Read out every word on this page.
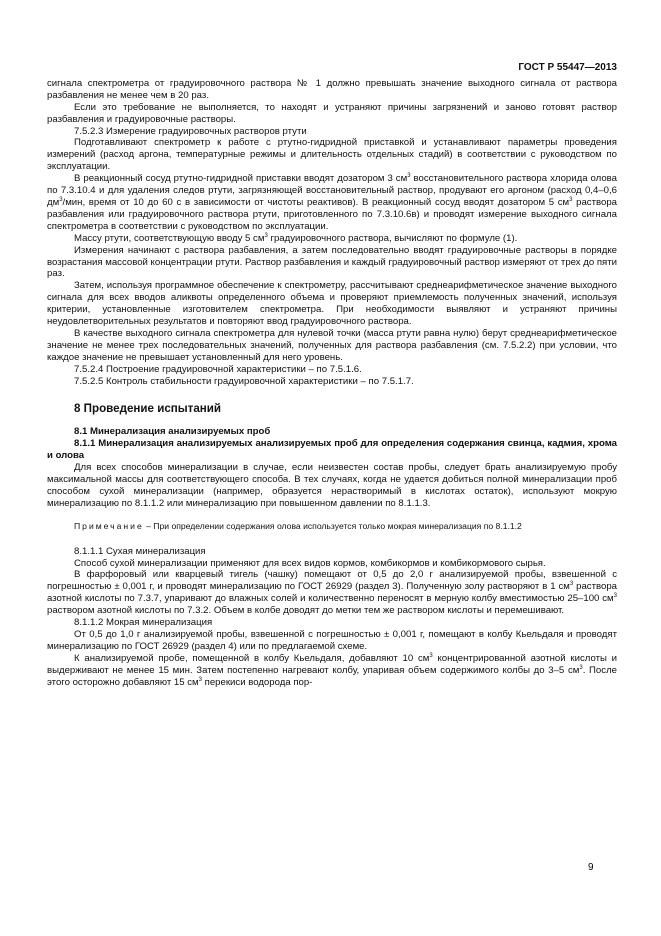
ГОСТ Р 55447—2013

сигнала спектрометра от градуировочного раствора № 1 должно превышать значение выходного сигнала от раствора разбавления не менее чем в 20 раз.

Если это требование не выполняется, то находят и устраняют причины загрязнений и заново готовят раствор разбавления и градуировочные растворы.

7.5.2.3 Измерение градуировочных растворов ртути

Подготавливают спектрометр к работе с ртутно-гидридной приставкой и устанавливают параметры проведения измерений (расход аргона, температурные режимы и длительность отдельных стадий) в соответствии с руководством по эксплуатации.

В реакционный сосуд ртутно-гидридной приставки вводят дозатором 3 $см^3$ восстановительного раствора хлорида олова по 7.3.10.4 и для удаления следов ртути, загрязняющей восстановительный раствор, продувают его аргоном (расход 0,4–0,6 $дм^3$/мин, время от 10 до 60 с в зависимости от чистоты реактивов). В реакционный сосуд вводят дозатором 5 $см^3$ раствора разбавления или градуировочного раствора ртути, приготовленного по 7.3.10.6в) и проводят измерение выходного сигнала спектрометра в соответствии с руководством по эксплуатации.

Массу ртути, соответствующую вводу 5 $см^3$ градуировочного раствора, вычисляют по формуле (1).

Измерения начинают с раствора разбавления, а затем последовательно вводят градуировочные растворы в порядке возрастания массовой концентрации ртути. Раствор разбавления и каждый градуировочный раствор измеряют от трех до пяти раз.

Затем, используя программное обеспечение к спектрометру, рассчитывают среднеарифметическое значение выходного сигнала для всех вводов аликвоты определенного объема и проверяют приемлемость полученных значений, используя критерии, установленные изготовителем спектрометра. При необходимости выявляют и устраняют причины неудовлетворительных результатов и повторяют ввод градуировочного раствора.

В качестве выходного сигнала спектрометра для нулевой точки (масса ртути равна нулю) берут среднеарифметическое значение не менее трех последовательных значений, полученных для раствора разбавления (см. 7.5.2.2) при условии, что каждое значение не превышает установленный для него уровень.

7.5.2.4 Построение градуировочной характеристики – по 7.5.1.6.

7.5.2.5 Контроль стабильности градуировочной характеристики – по 7.5.1.7.

8 Проведение испытаний

8.1 Минерализация анализируемых проб

8.1.1 Минерализация анализируемых анализируемых проб для определения содержания свинца, кадмия, хрома и олова

Для всех способов минерализации в случае, если неизвестен состав пробы, следует брать анализируемую пробу максимальной массы для соответствующего способа. В тех случаях, когда не удается добиться полной минерализации проб способом сухой минерализации (например, образуется нерастворимый в кислотах остаток), используют мокрую минерализацию по 8.1.1.2 или минерализацию при повышенном давлении по 8.1.1.3.

Примечание – При определении содержания олова используется только мокрая минерализация по 8.1.1.2

8.1.1.1 Сухая минерализация

Способ сухой минерализации применяют для всех видов кормов, комбикормов и комбикормового сырья.

В фарфоровый или кварцевый тигель (чашку) помещают от 0,5 до 2,0 г анализируемой пробы, взвешенной с погрешностью ± 0,001 г, и проводят минерализацию по ГОСТ 26929 (раздел 3). Полученную золу растворяют в 1 $см^3$ раствора азотной кислоты по 7.3.7, упаривают до влажных солей и количественно переносят в мерную колбу вместимостью 25–100 $см^3$ раствором азотной кислоты по 7.3.2. Объем в колбе доводят до метки тем же раствором кислоты и перемешивают.

8.1.1.2 Мокрая минерализация

От 0,5 до 1,0 г анализируемой пробы, взвешенной с погрешностью ± 0,001 г, помещают в колбу Кьельдаля и проводят минерализацию по ГОСТ 26929 (раздел 4) или по предлагаемой схеме.

К анализируемой пробе, помещенной в колбу Кьельдаля, добавляют 10 $см^3$ концентрированной азотной кислоты и выдерживают не менее 15 мин. Затем постепенно нагревают колбу, упаривая объем содержимого колбы до 3–5 $см^3$. После этого осторожно добавляют 15 $см^3$ перекиси водорода пор-

9
